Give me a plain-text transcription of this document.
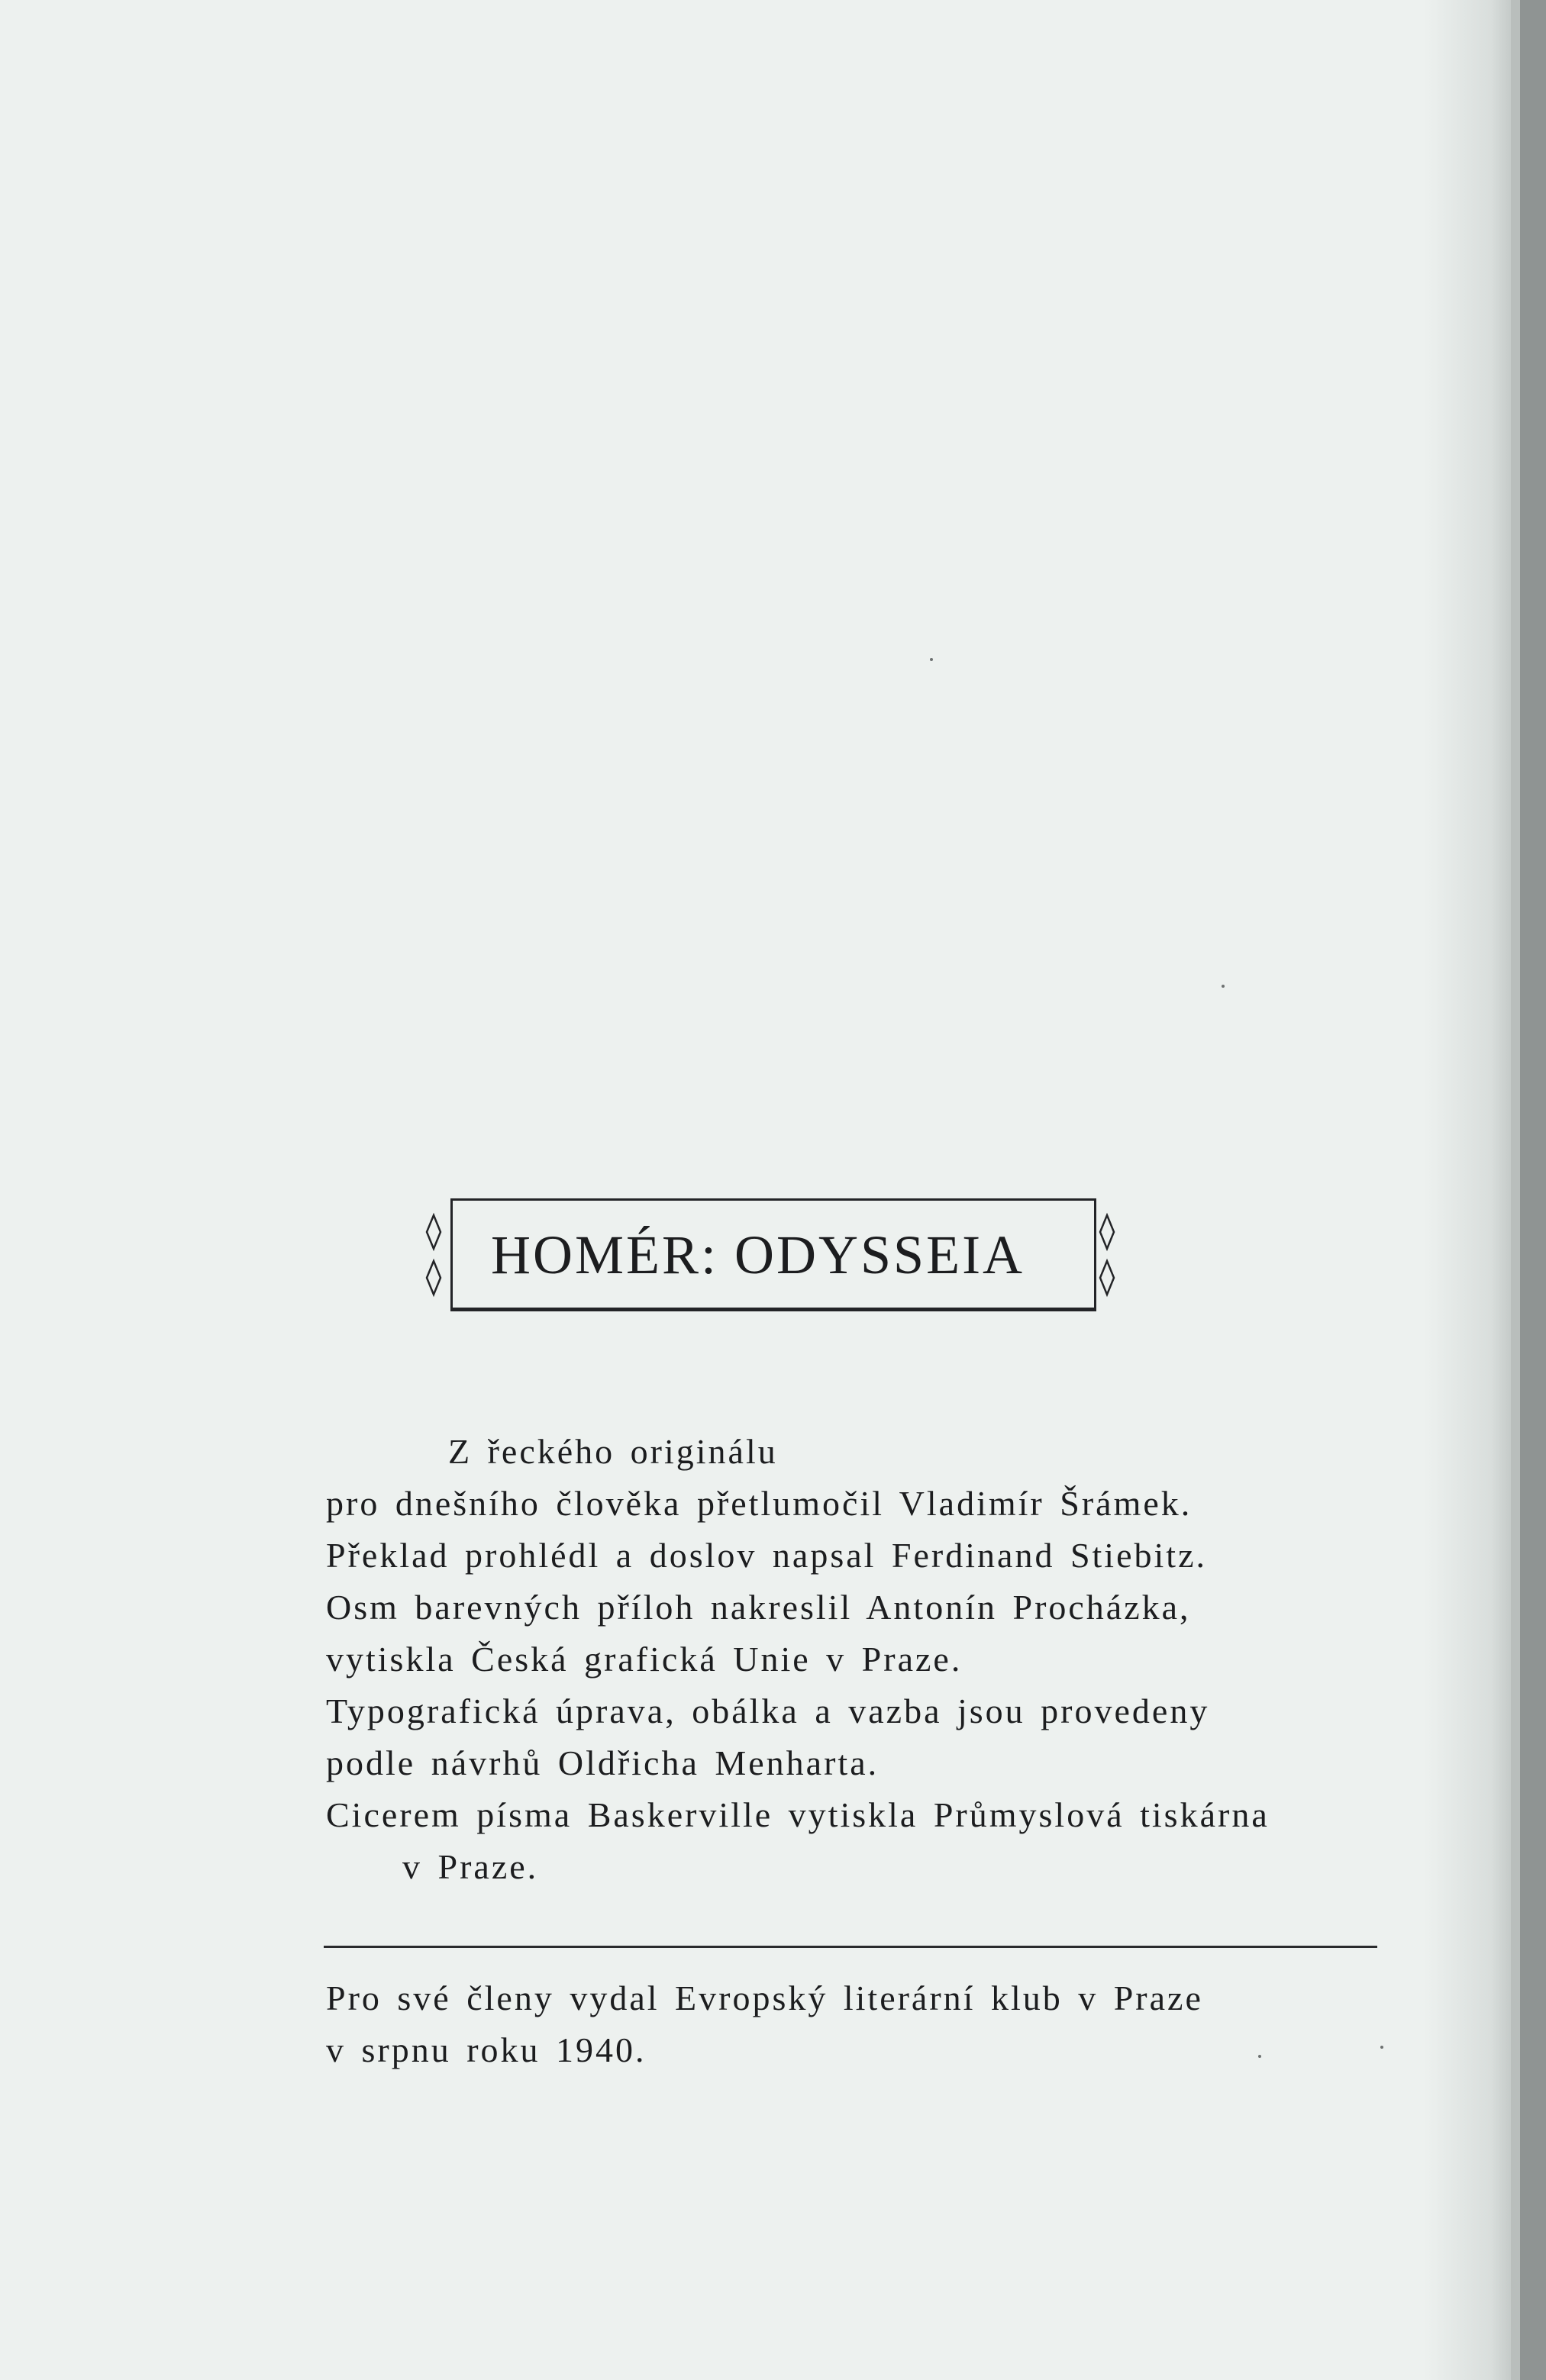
HOMÉR: ODYSSEIA
Z řeckého originálu
pro dnešního člověka přetlumočil Vladimír Šrámek.
Překlad prohlédl a doslov napsal Ferdinand Stiebitz.
Osm barevných příloh nakreslil Antonín Procházka,
vytiskla Česká grafická Unie v Praze.
Typografická úprava, obálka a vazba jsou provedeny
podle návrhů Oldřicha Menharta.
Cicerem písma Baskerville vytiskla Průmyslová tiskárna
v Praze.
Pro své členy vydal Evropský literární klub v Praze
v srpnu roku 1940.
